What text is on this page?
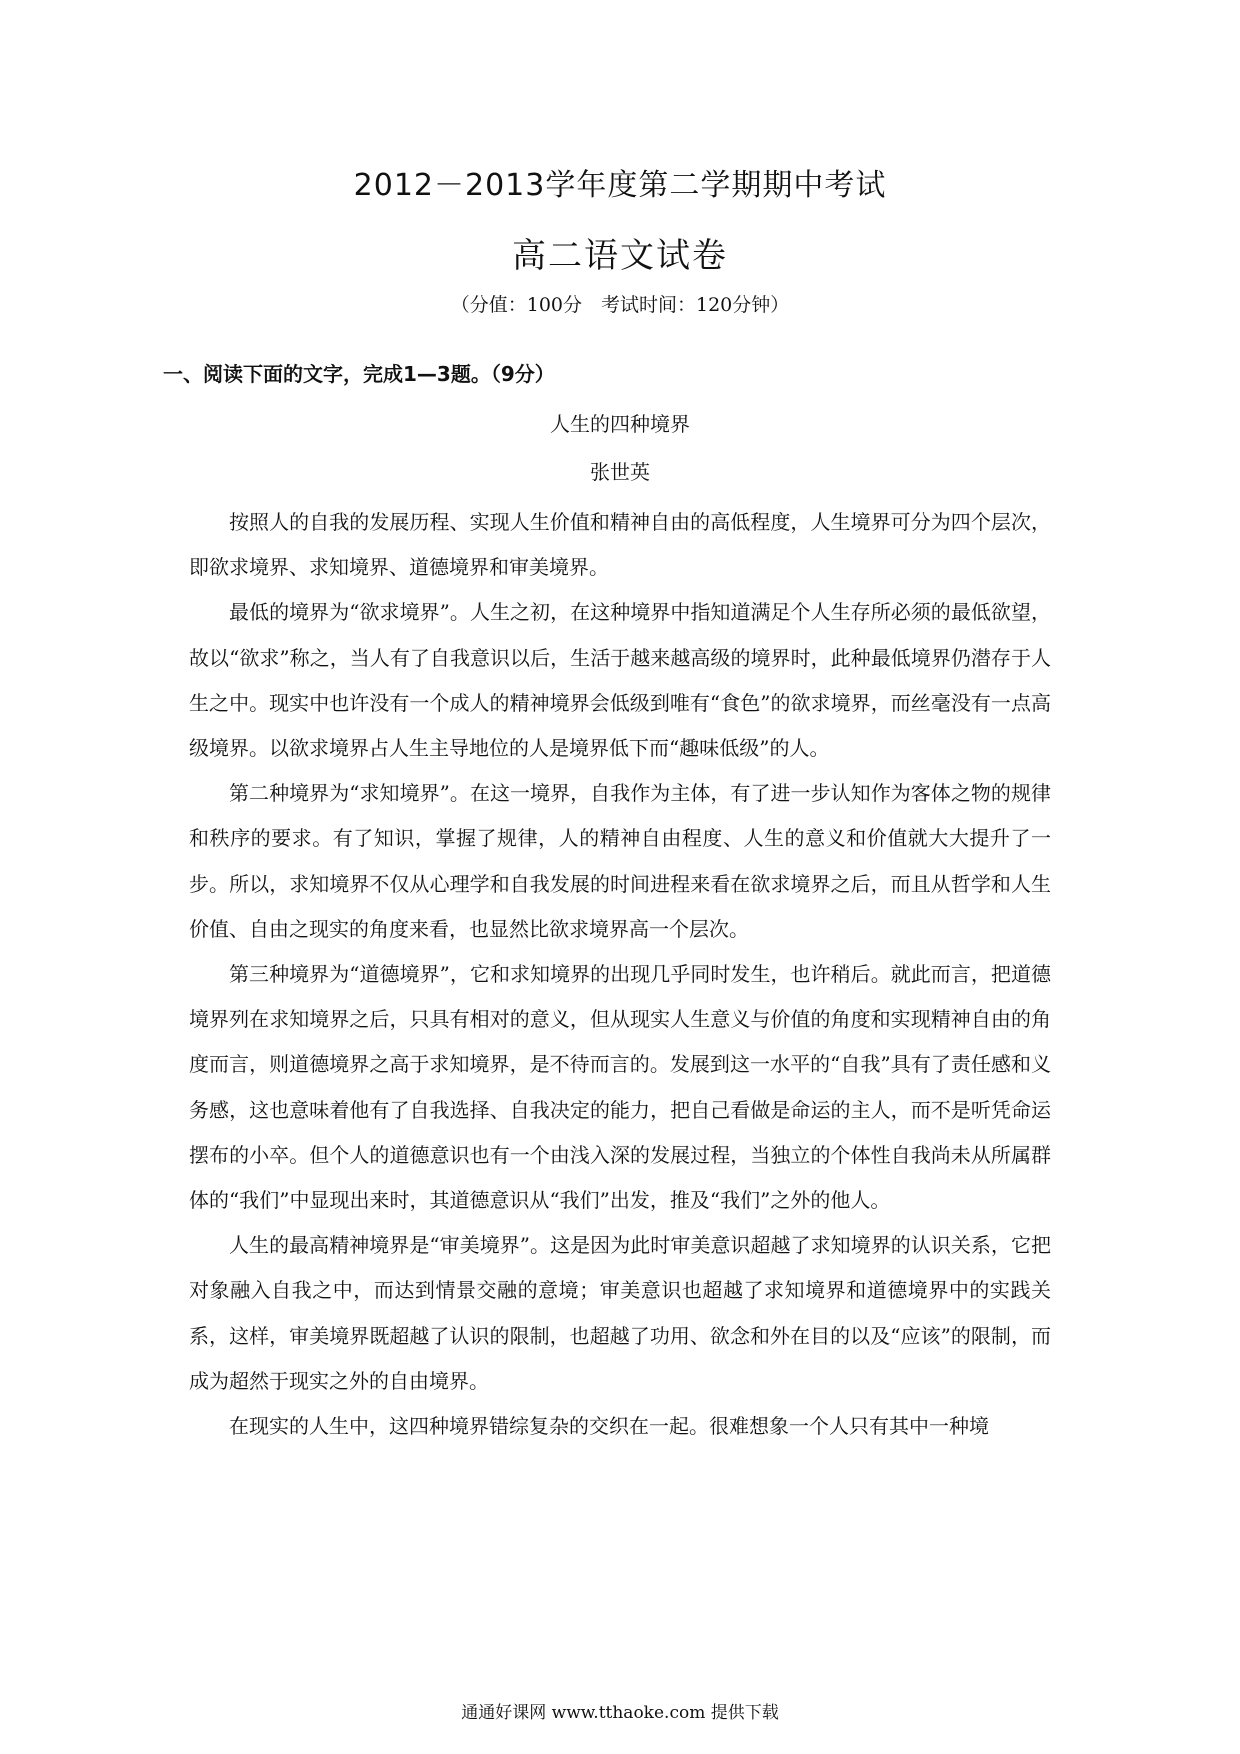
2012－2013学年度第二学期期中考试
高二语文试卷
（分值：100分　考试时间：120分钟）
一、阅读下面的文字，完成1—3题。（9分）
人生的四种境界
张世英

按照人的自我的发展历程、实现人生价值和精神自由的高低程度，人生境界可分为四个层次，即欲求境界、求知境界、道德境界和审美境界。

最低的境界为“欲求境界”。人生之初，在这种境界中指知道满足个人生存所必须的最低欲望，故以“欲求”称之，当人有了自我意识以后，生活于越来越高级的境界时，此种最低境界仍潜存于人生之中。现实中也许没有一个成人的精神境界会低级到唯有“食色”的欲求境界，而丝毫没有一点高级境界。以欲求境界占人生主导地位的人是境界低下而“趣味低级”的人。

第二种境界为“求知境界”。在这一境界，自我作为主体，有了进一步认知作为客体之物的规律和秩序的要求。有了知识，掌握了规律，人的精神自由程度、人生的意义和价值就大大提升了一步。所以，求知境界不仅从心理学和自我发展的时间进程来看在欲求境界之后，而且从哲学和人生价值、自由之现实的角度来看，也显然比欲求境界高一个层次。

第三种境界为“道德境界”，它和求知境界的出现几乎同时发生，也许稍后。就此而言，把道德境界列在求知境界之后，只具有相对的意义，但从现实人生意义与价值的角度和实现精神自由的角度而言，则道德境界之高于求知境界，是不待而言的。发展到这一水平的“自我”具有了责任感和义务感，这也意味着他有了自我选择、自我决定的能力，把自己看做是命运的主人，而不是听凭命运摆布的小卒。但个人的道德意识也有一个由浅入深的发展过程，当独立的个体性自我尚未从所属群体的“我们”中显现出来时，其道德意识从“我们”出发，推及“我们”之外的他人。

人生的最高精神境界是“审美境界”。这是因为此时审美意识超越了求知境界的认识关系，它把对象融入自我之中，而达到情景交融的意境；审美意识也超越了求知境界和道德境界中的实践关系，这样，审美境界既超越了认识的限制，也超越了功用、欲念和外在目的以及“应该”的限制，而成为超然于现实之外的自由境界。

在现实的人生中，这四种境界错综复杂的交织在一起。很难想象一个人只有其中一种境

通通好课网 www.tthaoke.com 提供下载
